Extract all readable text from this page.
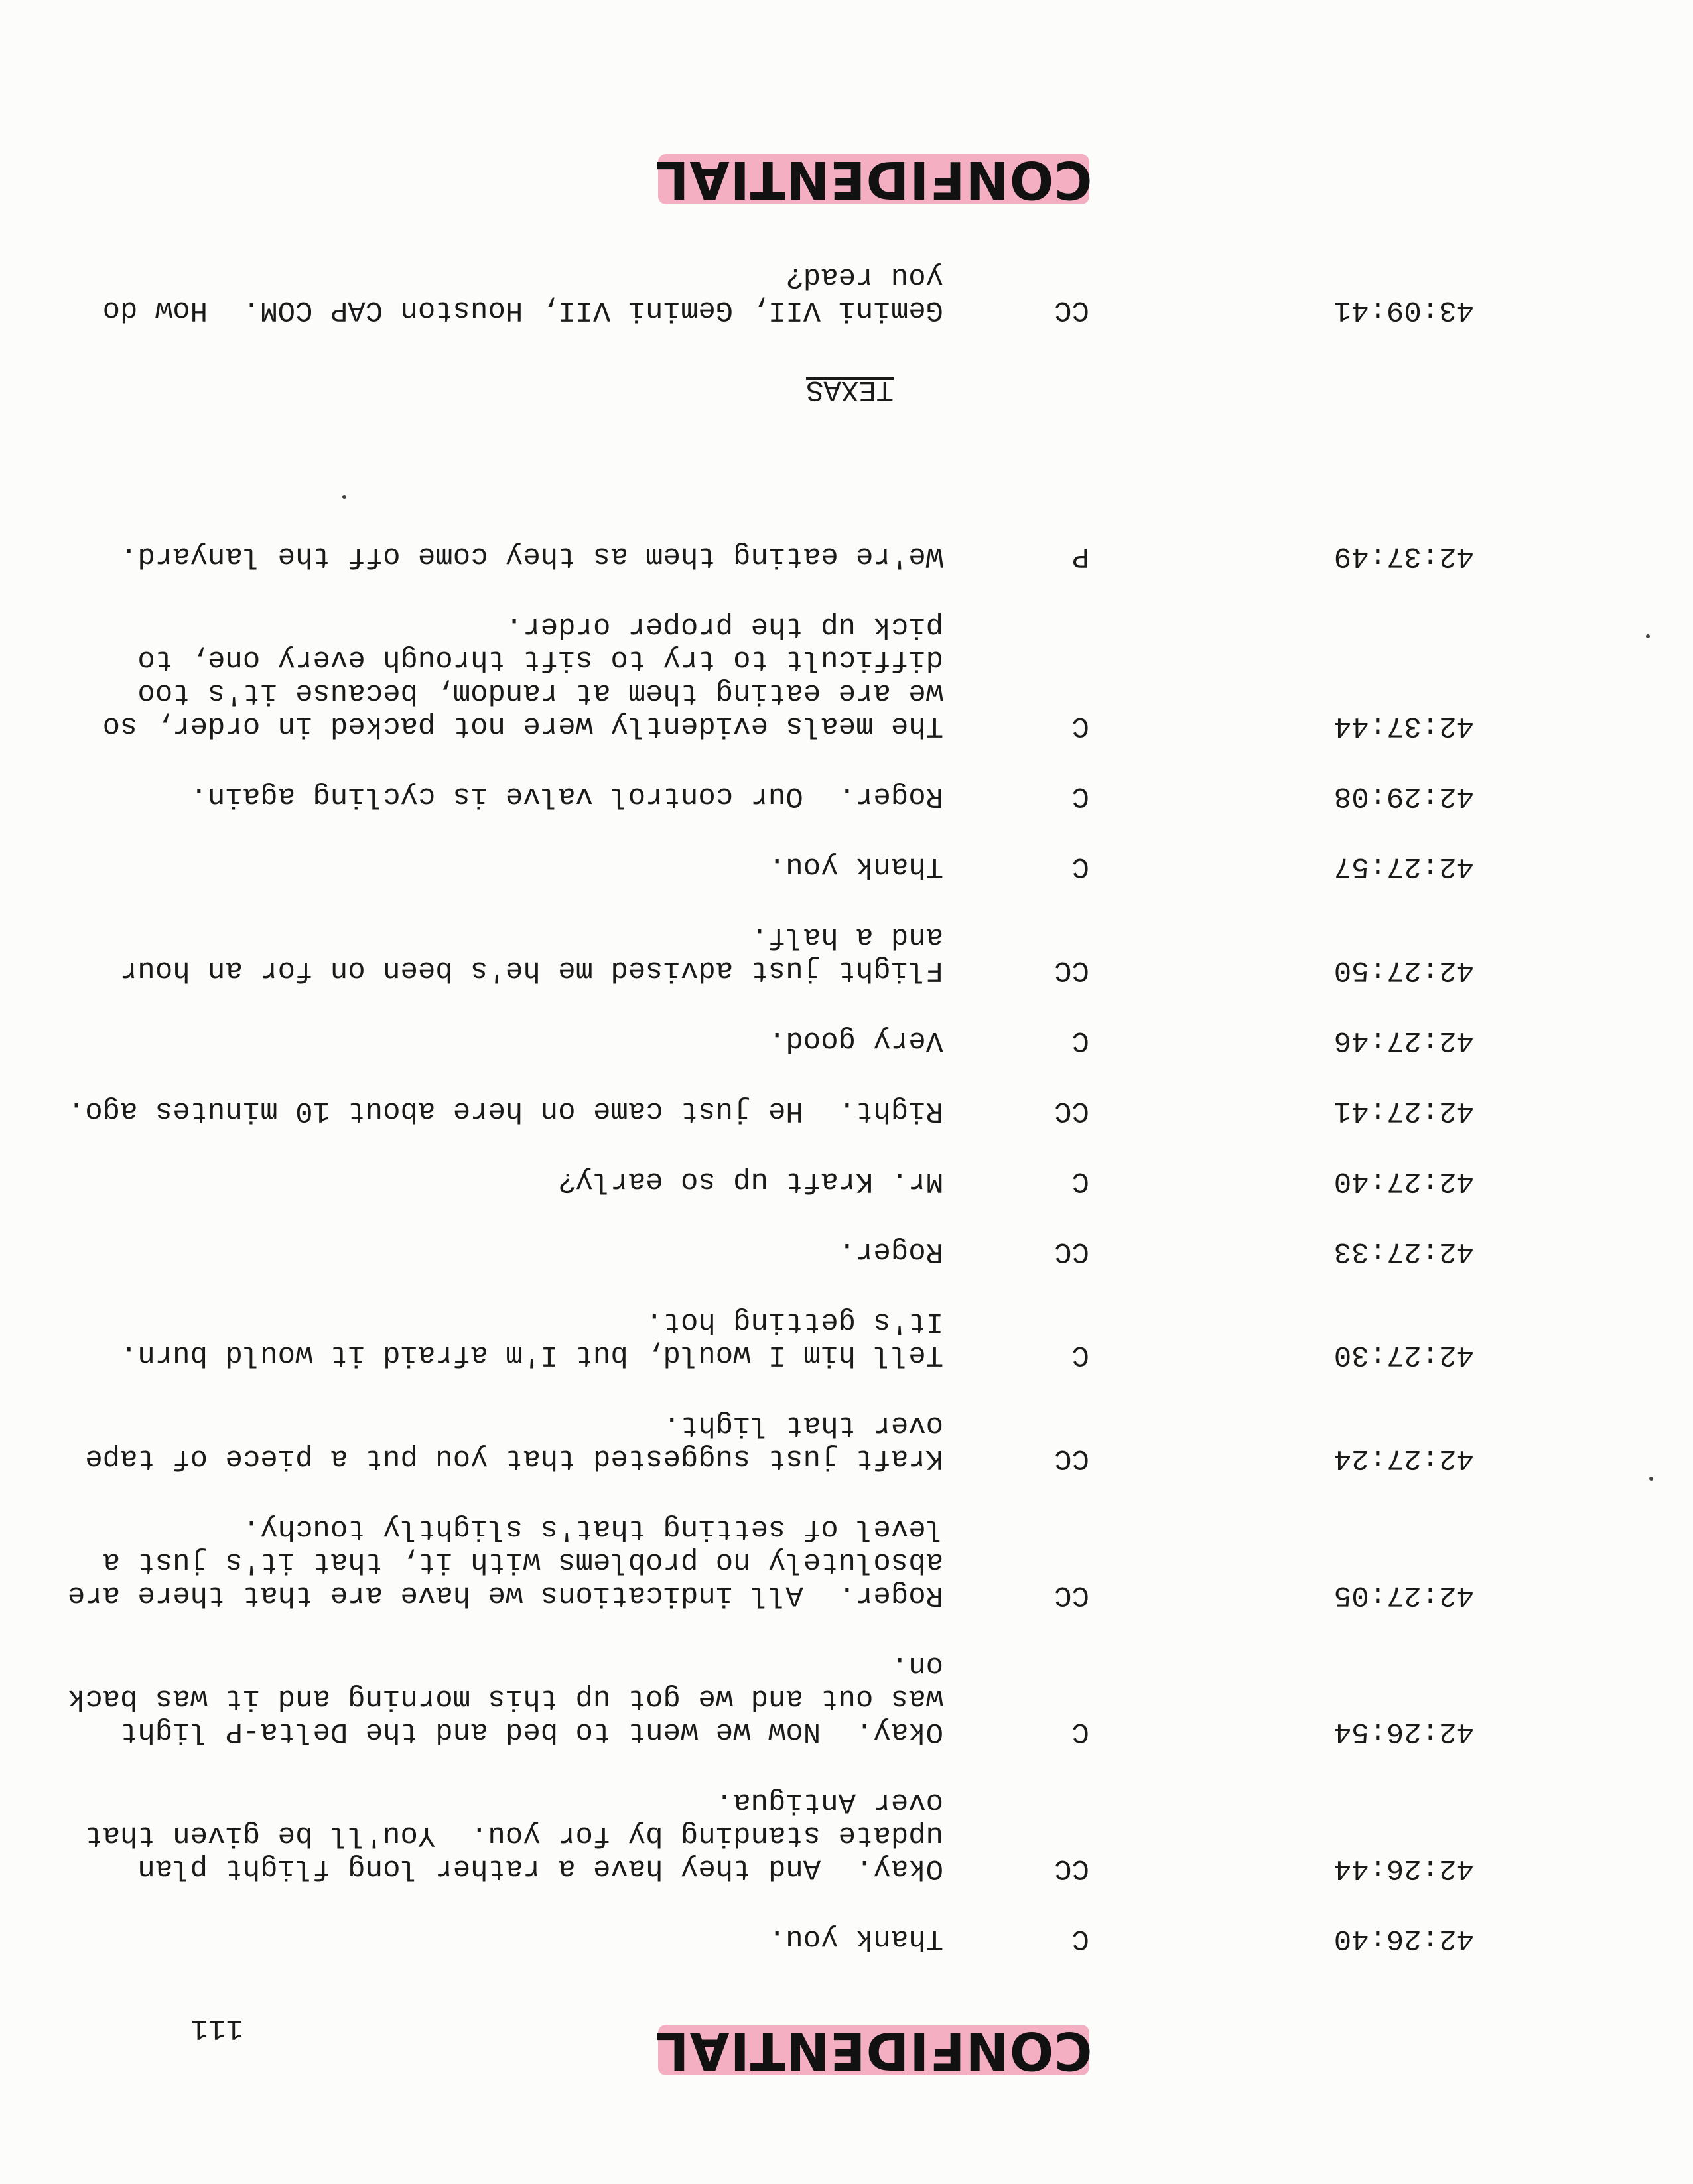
CONFIDENTIAL
111
42:26:40
C
Thank you.
42:26:44
CC
Okay.  And they have a rather long flight plan
update standing by for you.  You'll be given that
over Antigua.
42:26:54
C
Okay.  Now we went to bed and the Delta-P light
was out and we got up this morning and it was back
on.
42:27:05
CC
Roger.  All indications we have are that there are
absolutely no problems with it, that it's just a
level of setting that's slightly touchy.
42:27:24
CC
Kraft just suggested that you put a piece of tape
over that light.
42:27:30
C
Tell him I would, but I'm afraid it would burn.
It's getting hot.
42:27:33
CC
Roger.
42:27:40
C
Mr. Kraft up so early?
42:27:41
CC
Right.  He just came on here about 10 minutes ago.
42:27:46
C
Very good.
42:27:50
CC
Flight just advised me he's been on for an hour
and a half.
42:27:57
C
Thank you.
42:29:08
C
Roger.  Our control valve is cycling again.
42:37:44
C
The meals evidently were not packed in order, so
we are eating them at random, because it's too
difficult to try to sift through every one, to
pick up the proper order.
42:37:49
P
We're eating them as they come off the lanyard.
TEXAS
43:09:41
CC
Gemini VII, Gemini VII, Houston CAP COM.  How do
you read?
CONFIDENTIAL
